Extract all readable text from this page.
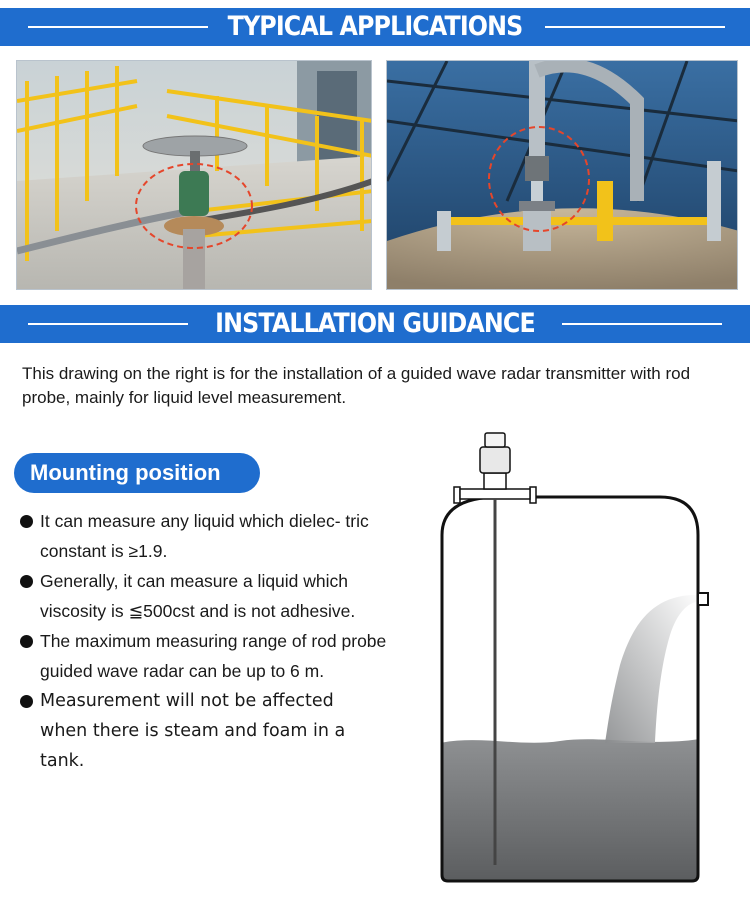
TYPICAL APPLICATIONS
INSTALLATION GUIDANCE
This drawing on the right is for the installation of a guided wave radar transmitter with rod probe, mainly for liquid level measurement.
Mounting position
It can measure any liquid which dielec- tric constant is ≥1.9.
Generally, it can measure a liquid which viscosity is ≦500cst and is not adhesive.
The maximum measuring range of rod probe guided wave radar can be up to 6 m.
Measurement will not be affected when there is steam and foam in a tank.
